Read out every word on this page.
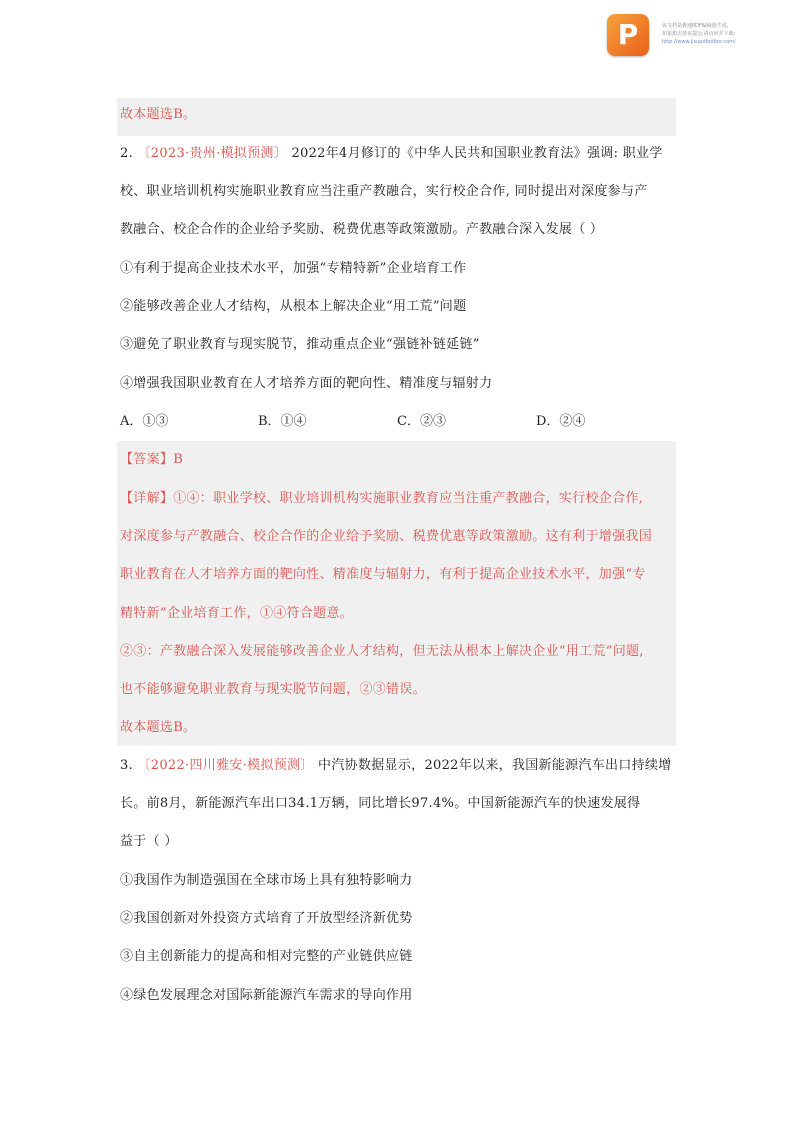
P	该文档是极速PDF编辑器生成,
如果想去掉该提示,请访问并下载:
http://www.jisupdfeditor.com/
故本题选B。
2. 〔2023·贵州·模拟预测〕 2022年4月修订的《中华人民共和国职业教育法》强调: 职业学
校、职业培训机构实施职业教育应当注重产教融合，实行校企合作, 同时提出对深度参与产
教融合、校企合作的企业给予奖励、税费优惠等政策激励。产教融合深入发展（ ）
①有利于提高企业技术水平，加强“专精特新”企业培育工作
②能够改善企业人才结构，从根本上解决企业“用工荒”问题
③避免了职业教育与现实脱节，推动重点企业“强链补链延链”
④增强我国职业教育在人才培养方面的靶向性、精准度与辐射力
A．①③	B．①④	C．②③	D．②④
【答案】B
【详解】①④：职业学校、职业培训机构实施职业教育应当注重产教融合，实行校企合作,
对深度参与产教融合、校企合作的企业给予奖励、税费优惠等政策激励。这有利于增强我国
职业教育在人才培养方面的靶向性、精准度与辐射力，有利于提高企业技术水平，加强“专
精特新”企业培育工作，①④符合题意。
②③：产教融合深入发展能够改善企业人才结构，但无法从根本上解决企业“用工荒”问题,
也不能够避免职业教育与现实脱节问题，②③错误。
故本题选B。
3. 〔2022·四川雅安·模拟预测〕 中汽协数据显示，2022年以来，我国新能源汽车出口持续增
长。前8月，新能源汽车出口34.1万辆，同比增长97.4%。中国新能源汽车的快速发展得
益于（ ）
①我国作为制造强国在全球市场上具有独特影响力
②我国创新对外投资方式培育了开放型经济新优势
③自主创新能力的提高和相对完整的产业链供应链
④绿色发展理念对国际新能源汽车需求的导向作用
